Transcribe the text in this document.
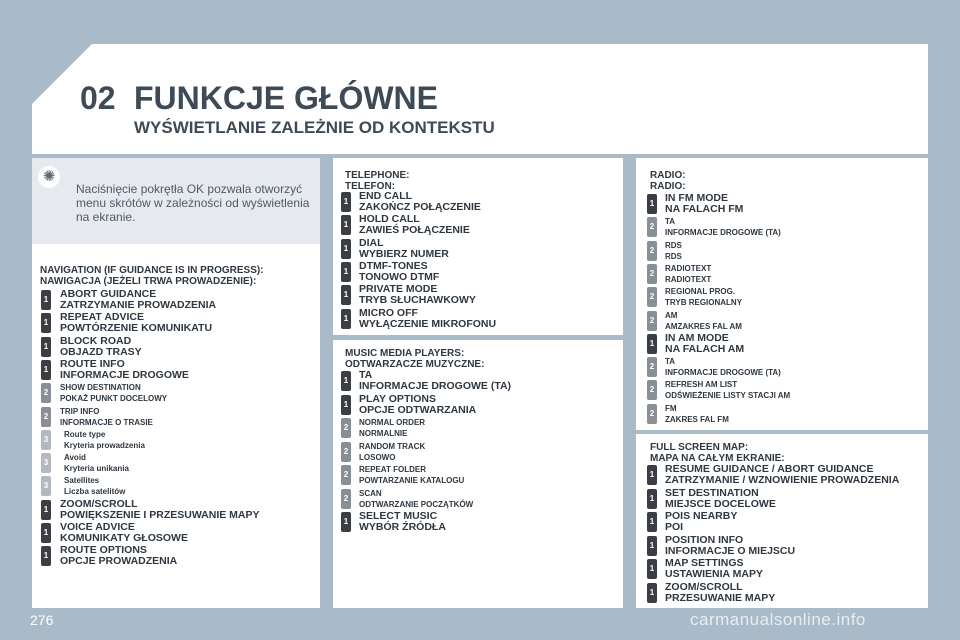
02 FUNKCJE GŁÓWNE
WYŚWIETLANIE ZALEŻNIE OD KONTEKSTU
✺
Naciśnięcie pokrętła OK pozwala otworzyć menu skrótów w zależności od wyświetlenia na ekranie.
NAVIGATION (IF GUIDANCE IS IN PROGRESS):
NAWIGACJA (JEŻELI TRWA PROWADZENIE):
1 ABORT GUIDANCE
ZATRZYMANIE PROWADZENIA
1 REPEAT ADVICE
POWTÓRZENIE KOMUNIKATU
1 BLOCK ROAD
OBJAZD TRASY
1 ROUTE INFO
INFORMACJE DROGOWE
2
SHOW DESTINATION
POKAŻ PUNKT DOCELOWY
2
TRIP INFO
INFORMACJE O TRASIE
3
Route type
Kryteria prowadzenia
3
Avoid
Kryteria unikania
3
Satellites
Liczba satelitów
1 ZOOM/SCROLL
POWIĘKSZENIE I PRZESUWANIE MAPY
1 VOICE ADVICE
KOMUNIKATY GŁOSOWE
1 ROUTE OPTIONS
OPCJE PROWADZENIA
TELEPHONE:
TELEFON:
1 END CALL
ZAKOŃCZ POŁĄCZENIE
1 HOLD CALL
ZAWIEŚ POŁĄCZENIE
1 DIAL
WYBIERZ NUMER
1 DTMF-TONES
TONOWO DTMF
1 PRIVATE MODE
TRYB SŁUCHAWKOWY
1 MICRO OFF
WYŁĄCZENIE MIKROFONU
MUSIC MEDIA PLAYERS:
ODTWARZACZE MUZYCZNE:
1 TA
INFORMACJE DROGOWE (TA)
1 PLAY OPTIONS
OPCJE ODTWARZANIA
2
NORMAL ORDER
NORMALNIE
2
RANDOM TRACK
LOSOWO
2
REPEAT FOLDER
POWTARZANIE KATALOGU
2
SCAN
ODTWARZANIE POCZĄTKÓW
1 SELECT MUSIC
WYBÓR ŹRÓDŁA
RADIO:
RADIO:
1 IN FM MODE
NA FALACH FM
2
TA
INFORMACJE DROGOWE (TA)
2
RDS
RDS
2
RADIOTEXT
RADIOTEXT
2
REGIONAL PROG.
TRYB REGIONALNY
2
AM
AMZAKRES FAL AM
1 IN AM MODE
NA FALACH AM
2
TA
INFORMACJE DROGOWE (TA)
2
REFRESH AM LIST
ODŚWIEŻENIE LISTY STACJI AM
2
FM
ZAKRES FAL FM
FULL SCREEN MAP:
MAPA NA CAŁYM EKRANIE:
1 RESUME GUIDANCE / ABORT GUIDANCE
ZATRZYMANIE / WZNOWIENIE PROWADZENIA
1 SET DESTINATION
MIEJSCE DOCELOWE
1 POIS NEARBY
POI
1 POSITION INFO
INFORMACJE O MIEJSCU
1 MAP SETTINGS
USTAWIENIA MAPY
1 ZOOM/SCROLL
PRZESUWANIE MAPY
276	carmanualsonline.info
